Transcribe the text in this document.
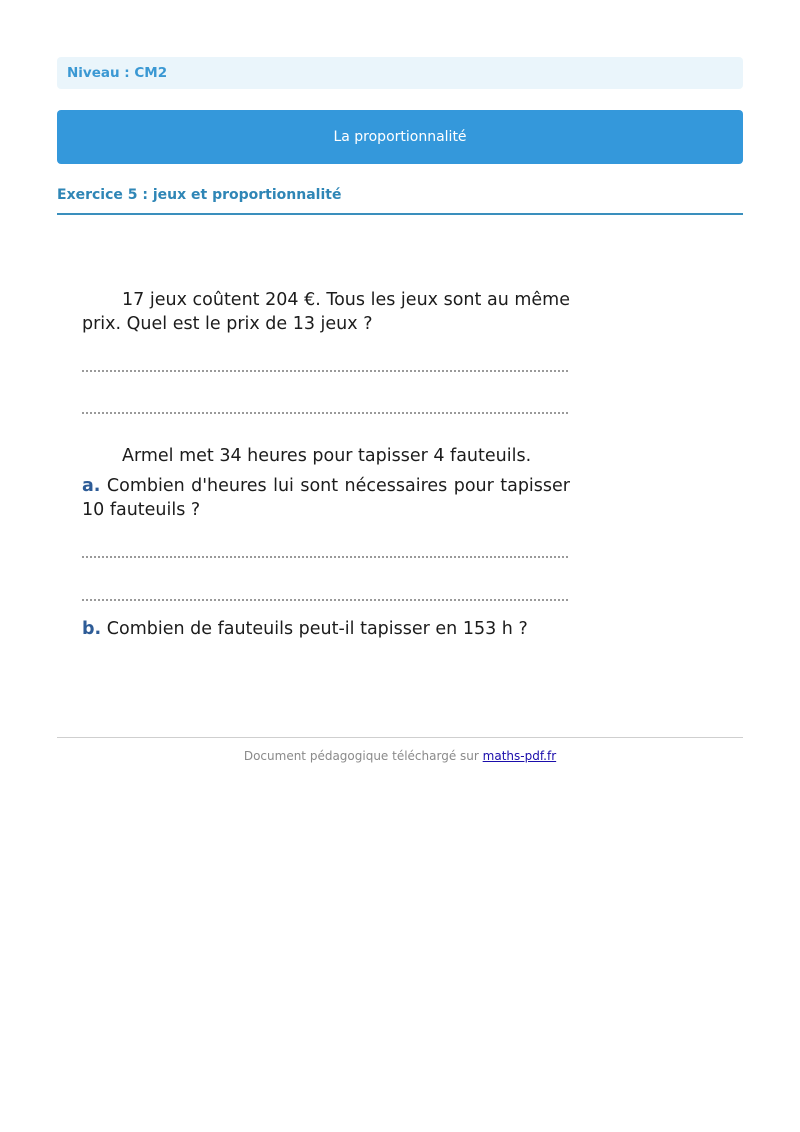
Niveau : CM2
La proportionnalité
Exercice 5 : jeux et proportionnalité

17 jeux coûtent 204 €. Tous les jeux sont au même prix. Quel est le prix de 13 jeux ?

Armel met 34 heures pour tapisser 4 fauteuils.

a. Combien d'heures lui sont nécessaires pour tapisser 10 fauteuils ?

b. Combien de fauteuils peut-il tapisser en 153 h ?

Document pédagogique téléchargé sur maths-pdf.fr
